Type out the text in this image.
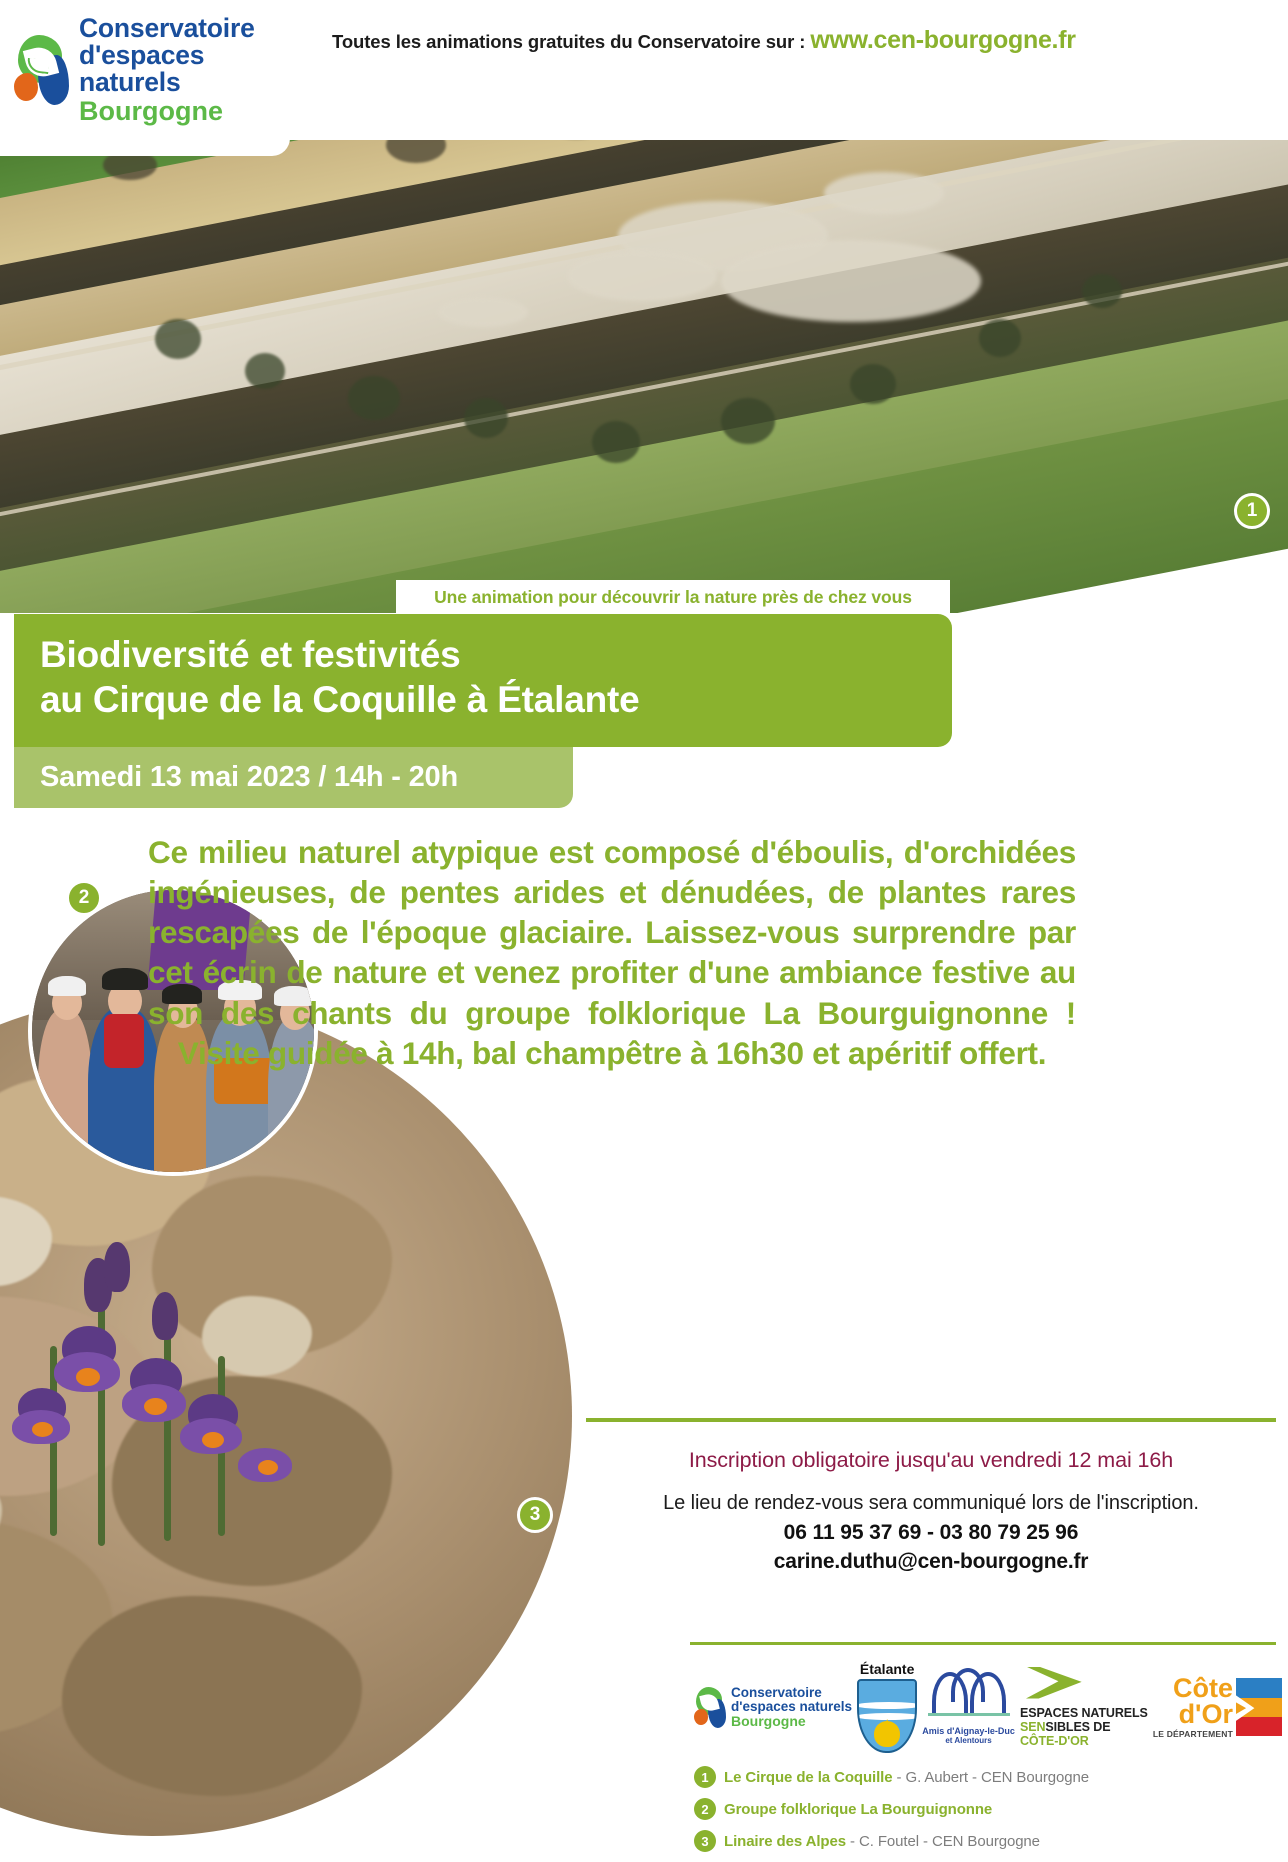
Conservatoire
d'espaces naturels
Bourgogne
Toutes les animations gratuites du Conservatoire sur : www.cen-bourgogne.fr
1
Une animation pour découvrir la nature près de chez vous
Biodiversité et festivités
au Cirque de la Coquille à Étalante
Samedi 13 mai 2023 / 14h - 20h
Ce milieu naturel atypique est composé d'éboulis, d'orchidées ingénieuses, de pentes arides et dénudées, de plantes rares rescapées de l'époque glaciaire. Laissez-vous surprendre par cet écrin de nature et venez profiter d'une ambiance festive au son des chants du groupe folklorique La Bourguignonne ! Visite guidée à 14h, bal champêtre à 16h30 et apéritif offert.
2
3
Inscription obligatoire jusqu'au vendredi 12 mai 16h
Le lieu de rendez-vous sera communiqué lors de l'inscription.
06 11 95 37 69 - 03 80 79 25 96
carine.duthu@cen-bourgogne.fr
Conservatoire
d'espaces naturels
Bourgogne
Étalante
Amis d'Aignay-le-Duc
et Alentours
ESPACES NATURELS
SENSIBLES DE
CÔTE-D'OR
Côte
d'Or
LE DÉPARTEMENT
1	Le Cirque de la Coquille - G. Aubert - CEN Bourgogne
2	Groupe folklorique La Bourguignonne
3	Linaire des Alpes - C. Foutel - CEN Bourgogne
